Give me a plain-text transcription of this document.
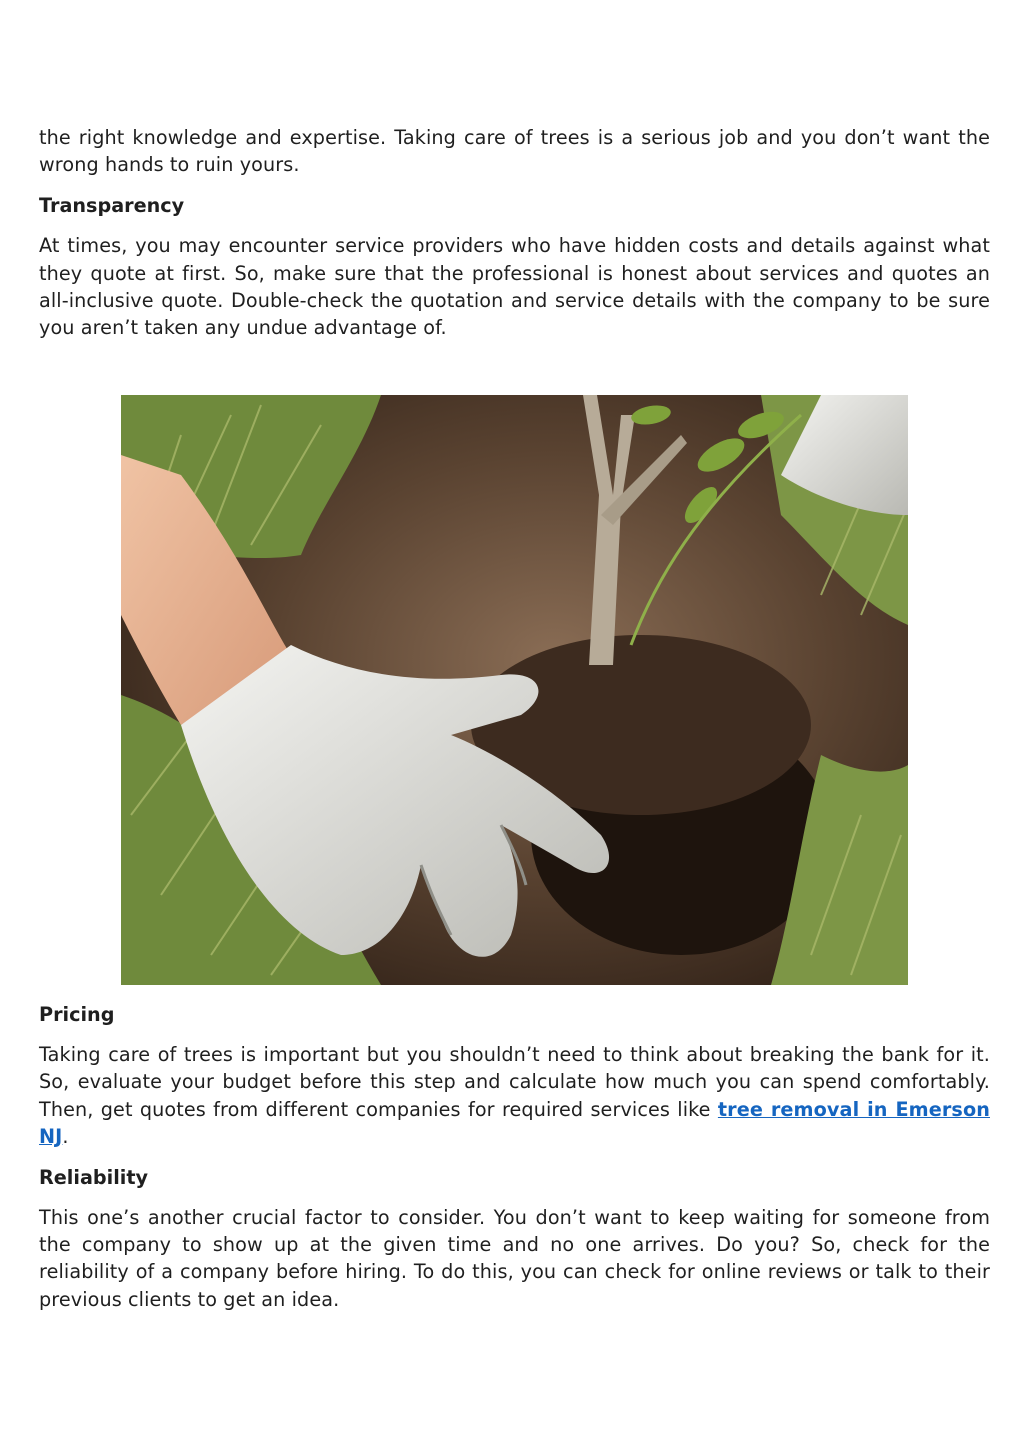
the right knowledge and expertise. Taking care of trees is a serious job and you don’t want the wrong hands to ruin yours.

Transparency

At times, you may encounter service providers who have hidden costs and details against what they quote at first. So, make sure that the professional is honest about services and quotes an all-inclusive quote. Double-check the quotation and service details with the company to be sure you aren’t taken any undue advantage of.

Pricing

Taking care of trees is important but you shouldn’t need to think about breaking the bank for it. So, evaluate your budget before this step and calculate how much you can spend comfortably. Then, get quotes from different companies for required services like tree removal in Emerson NJ.

Reliability

This one’s another crucial factor to consider. You don’t want to keep waiting for someone from the company to show up at the given time and no one arrives. Do you? So, check for the reliability of a company before hiring. To do this, you can check for online reviews or talk to their previous clients to get an idea.
